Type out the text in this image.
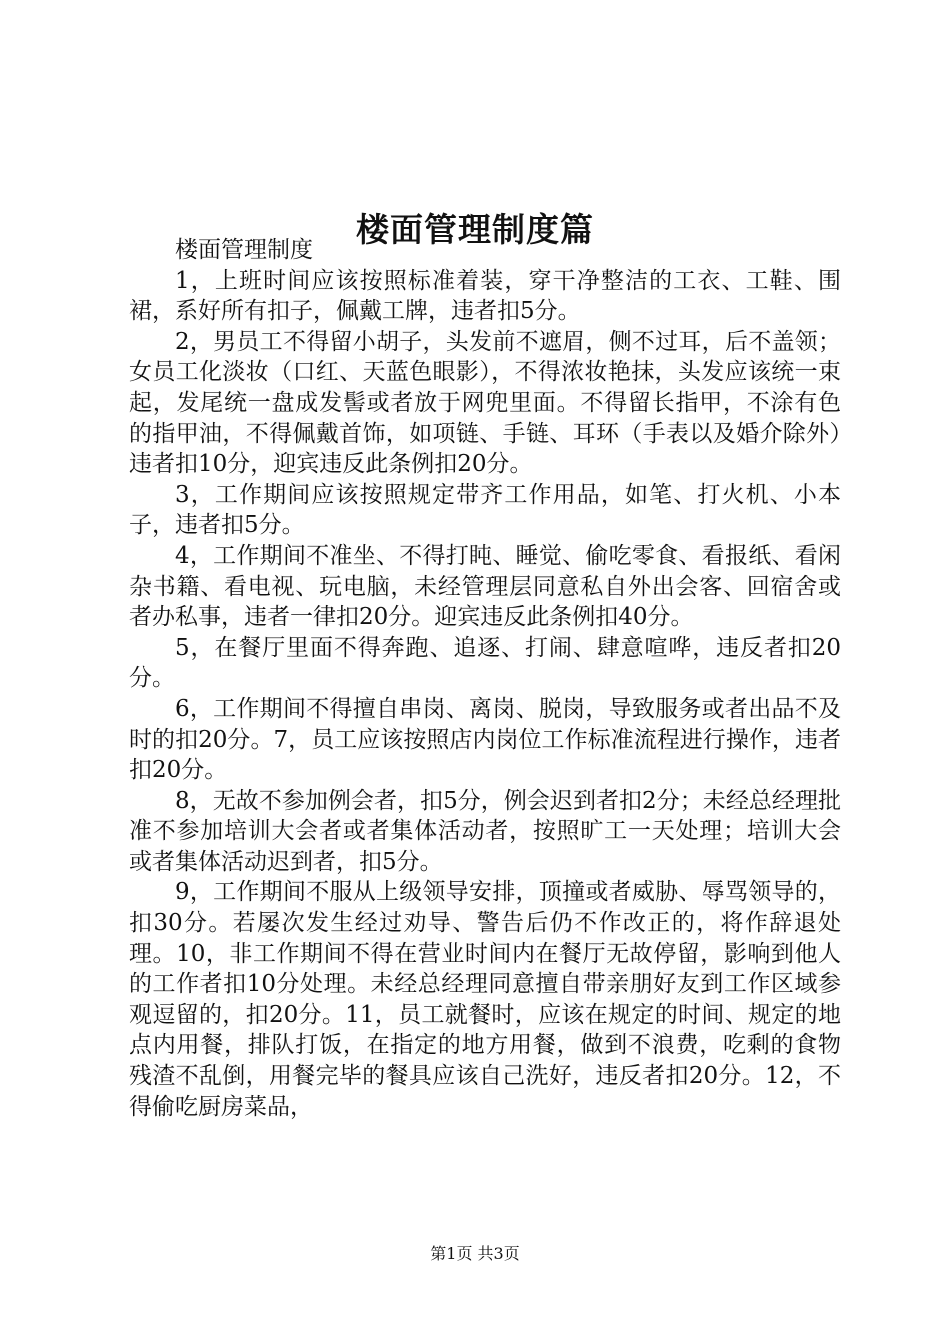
楼面管理制度篇

楼面管理制度

1，上班时间应该按照标准着装，穿干净整洁的工衣、工鞋、围裙，系好所有扣子，佩戴工牌，违者扣5分。

2，男员工不得留小胡子，头发前不遮眉，侧不过耳，后不盖领；女员工化淡妆（口红、天蓝色眼影），不得浓妆艳抹，头发应该统一束起，发尾统一盘成发髻或者放于网兜里面。不得留长指甲，不涂有色的指甲油，不得佩戴首饰，如项链、手链、耳环（手表以及婚介除外）违者扣10分，迎宾违反此条例扣20分。

3，工作期间应该按照规定带齐工作用品，如笔、打火机、小本子，违者扣5分。

4，工作期间不准坐、不得打盹、睡觉、偷吃零食、看报纸、看闲杂书籍、看电视、玩电脑，未经管理层同意私自外出会客、回宿舍或者办私事，违者一律扣20分。迎宾违反此条例扣40分。

5，在餐厅里面不得奔跑、追逐、打闹、肆意喧哗，违反者扣20分。

6，工作期间不得擅自串岗、离岗、脱岗，导致服务或者出品不及时的扣20分。7，员工应该按照店内岗位工作标准流程进行操作，违者扣20分。

8，无故不参加例会者，扣5分，例会迟到者扣2分；未经总经理批准不参加培训大会者或者集体活动者，按照旷工一天处理；培训大会或者集体活动迟到者，扣5分。

9，工作期间不服从上级领导安排，顶撞或者威胁、辱骂领导的，扣30分。若屡次发生经过劝导、警告后仍不作改正的，将作辞退处理。10，非工作期间不得在营业时间内在餐厅无故停留，影响到他人的工作者扣10分处理。未经总经理同意擅自带亲朋好友到工作区域参观逗留的，扣20分。11，员工就餐时，应该在规定的时间、规定的地点内用餐，排队打饭，在指定的地方用餐，做到不浪费，吃剩的食物残渣不乱倒，用餐完毕的餐具应该自己洗好，违反者扣20分。12，不得偷吃厨房菜品，

第1页 共3页
